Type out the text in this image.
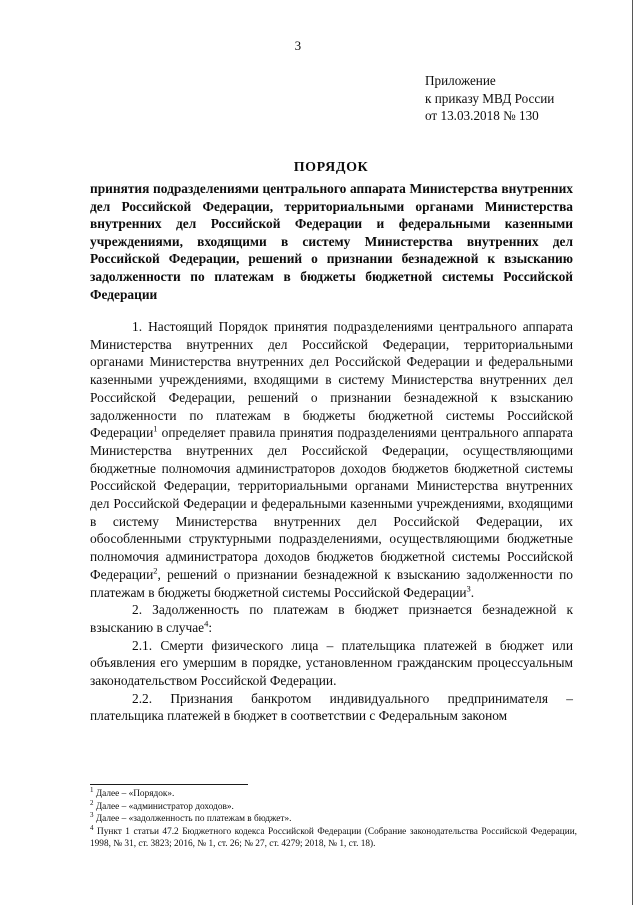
3
Приложение
к приказу МВД России
от 13.03.2018 № 130
ПОРЯДОК
принятия подразделениями центрального аппарата Министерства внутренних дел Российской Федерации, территориальными органами Министерства внутренних дел Российской Федерации и федеральными казенными учреждениями, входящими в систему Министерства внутренних дел Российской Федерации, решений о признании безнадежной к взысканию задолженности по платежам в бюджеты бюджетной системы Российской Федерации

1. Настоящий Порядок принятия подразделениями центрального аппарата Министерства внутренних дел Российской Федерации, территориальными органами Министерства внутренних дел Российской Федерации и федеральными казенными учреждениями, входящими в систему Министерства внутренних дел Российской Федерации, решений о признании безнадежной к взысканию задолженности по платежам в бюджеты бюджетной системы Российской Федерации$^1$ определяет правила принятия подразделениями центрального аппарата Министерства внутренних дел Российской Федерации, осуществляющими бюджетные полномочия администраторов доходов бюджетов бюджетной системы Российской Федерации, территориальными органами Министерства внутренних дел Российской Федерации и федеральными казенными учреждениями, входящими в систему Министерства внутренних дел Российской Федерации, их обособленными структурными подразделениями, осуществляющими бюджетные полномочия администратора доходов бюджетов бюджетной системы Российской Федерации$^2$, решений о признании безнадежной к взысканию задолженности по платежам в бюджеты бюджетной системы Российской Федерации$^3$.

2. Задолженность по платежам в бюджет признается безнадежной к взысканию в случае$^4$:

2.1. Смерти физического лица – плательщика платежей в бюджет или объявления его умершим в порядке, установленном гражданским процессуальным законодательством Российской Федерации.

2.2. Признания банкротом индивидуального предпринимателя – плательщика платежей в бюджет в соответствии с Федеральным законом

$^1$ Далее – «Порядок».

$^2$ Далее – «администратор доходов».

$^3$ Далее – «задолженность по платежам в бюджет».

$^4$ Пункт 1 статьи 47.2 Бюджетного кодекса Российской Федерации (Собрание законодательства Российской Федерации, 1998, № 31, ст. 3823; 2016, № 1, ст. 26; № 27, ст. 4279; 2018, № 1, ст. 18).
